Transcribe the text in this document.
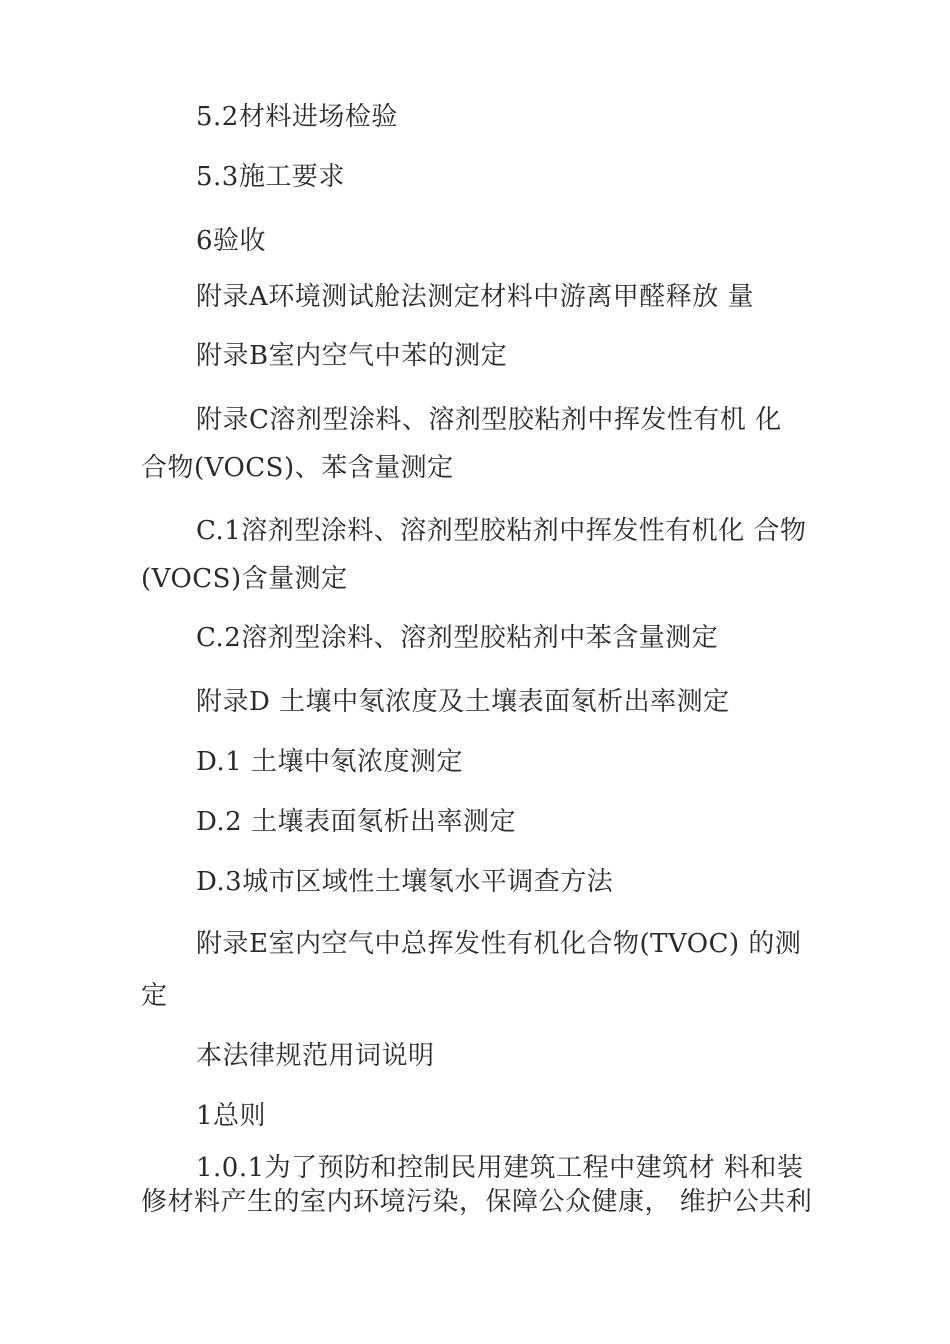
5.2材料进场检验
5.3施工要求
6验收
附录A环境测试舱法测定材料中游离甲醛释放 量
附录B室内空气中苯的测定
附录C溶剂型涂料、溶剂型胶粘剂中挥发性有机 化
合物(VOCS)、苯含量测定
C.1溶剂型涂料、溶剂型胶粘剂中挥发性有机化 合物
(VOCS)含量测定
C.2溶剂型涂料、溶剂型胶粘剂中苯含量测定
附录D 土壤中氡浓度及土壤表面氡析出率测定
D.1 土壤中氡浓度测定
D.2 土壤表面氡析出率测定
D.3城市区域性土壤氡水平调查方法
附录E室内空气中总挥发性有机化合物(TVOC) 的测
定
本法律规范用词说明
1总则
1.0.1为了预防和控制民用建筑工程中建筑材 料和装
修材料产生的室内环境污染，保障公众健康， 维护公共利
